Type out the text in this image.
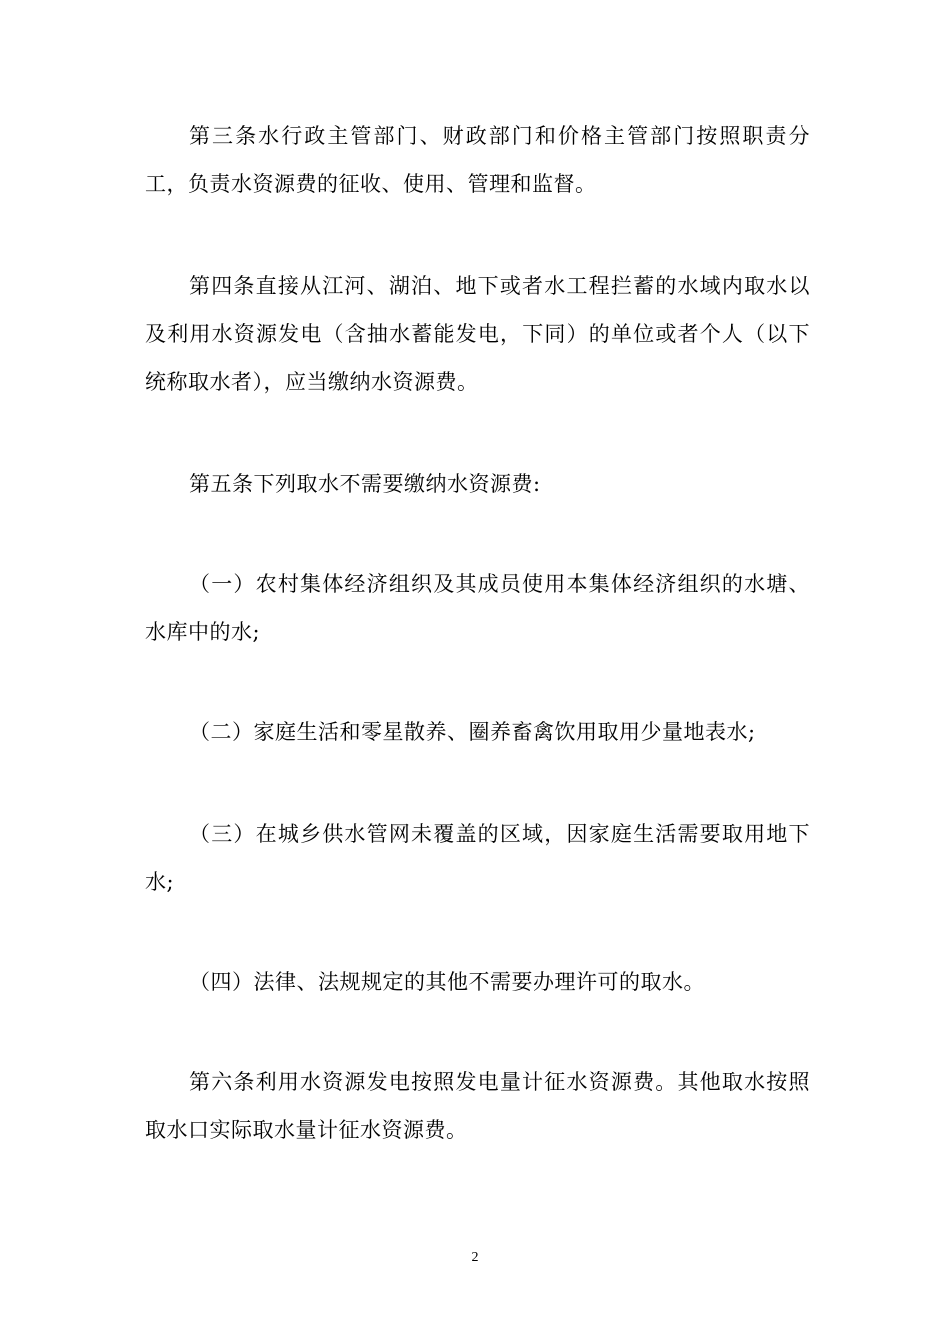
第三条水行政主管部门、财政部门和价格主管部门按照职责分工，负责水资源费的征收、使用、管理和监督。

第四条直接从江河、湖泊、地下或者水工程拦蓄的水域内取水以及利用水资源发电（含抽水蓄能发电，下同）的单位或者个人（以下统称取水者），应当缴纳水资源费。

第五条下列取水不需要缴纳水资源费:

（一）农村集体经济组织及其成员使用本集体经济组织的水塘、水库中的水;

（二）家庭生活和零星散养、圈养畜禽饮用取用少量地表水;

（三）在城乡供水管网未覆盖的区域，因家庭生活需要取用地下水;

（四）法律、法规规定的其他不需要办理许可的取水。

第六条利用水资源发电按照发电量计征水资源费。其他取水按照取水口实际取水量计征水资源费。

2
